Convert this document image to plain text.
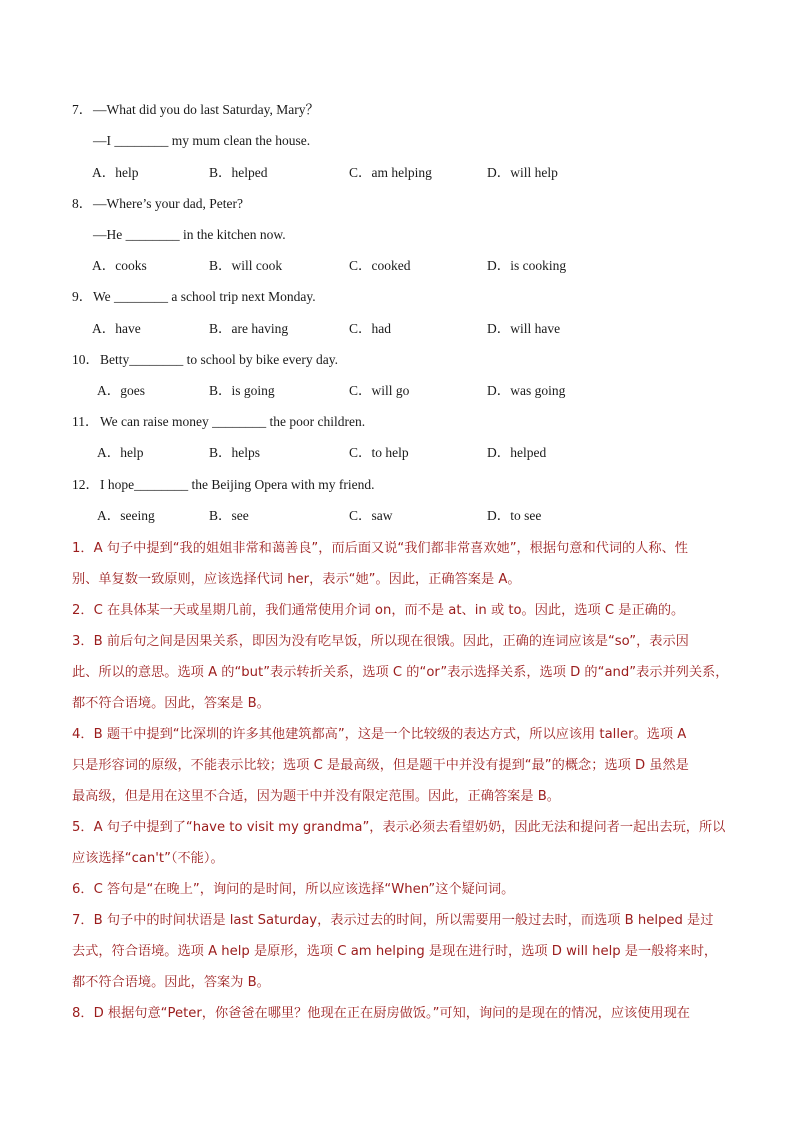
7． —What did you do last Saturday, Mary？
—I ________ my mum clean the house.
A．help	B．helped	C．am helping	D．will help
8． —Where’s your dad, Peter?
—He ________ in the kitchen now.
A．cooks	B．will cook	C．cooked	D．is cooking
9． We ________ a school trip next Monday.
A．have	B．are having	C．had	D．will have
10． Betty________ to school by bike every day.
A．goes	B．is going	C．will go	D．was going
11． We can raise money ________ the poor children.
A．help	B．helps	C．to help	D．helped
12． I hope________ the Beijing Opera with my friend.
A．seeing	B．see	C．saw	D．to see

1．A 句子中提到“我的姐姐非常和蔼善良”，而后面又说“我们都非常喜欢她”，根据句意和代词的人称、性

别、单复数一致原则，应该选择代词 her，表示“她”。因此，正确答案是 A。

2．C 在具体某一天或星期几前，我们通常使用介词 on，而不是 at、in 或 to。因此，选项 C 是正确的。

3．B 前后句之间是因果关系，即因为没有吃早饭，所以现在很饿。因此，正确的连词应该是“so”，表示因

此、所以的意思。选项 A 的“but”表示转折关系，选项 C 的“or”表示选择关系，选项 D 的“and”表示并列关系，

都不符合语境。因此，答案是 B。

4．B 题干中提到“比深圳的许多其他建筑都高”，这是一个比较级的表达方式，所以应该用 taller。选项 A

只是形容词的原级，不能表示比较；选项 C 是最高级，但是题干中并没有提到“最”的概念；选项 D 虽然是

最高级，但是用在这里不合适，因为题干中并没有限定范围。因此，正确答案是 B。

5．A 句子中提到了“have to visit my grandma”，表示必须去看望奶奶，因此无法和提问者一起出去玩，所以

应该选择“can't”（不能）。

6．C 答句是“在晚上”，询问的是时间，所以应该选择“When”这个疑问词。

7．B 句子中的时间状语是 last Saturday，表示过去的时间，所以需要用一般过去时，而选项 B helped 是过

去式，符合语境。选项 A help 是原形，选项 C am helping 是现在进行时，选项 D will help 是一般将来时，

都不符合语境。因此，答案为 B。

8．D 根据句意“Peter，你爸爸在哪里？他现在正在厨房做饭。”可知，询问的是现在的情况，应该使用现在
